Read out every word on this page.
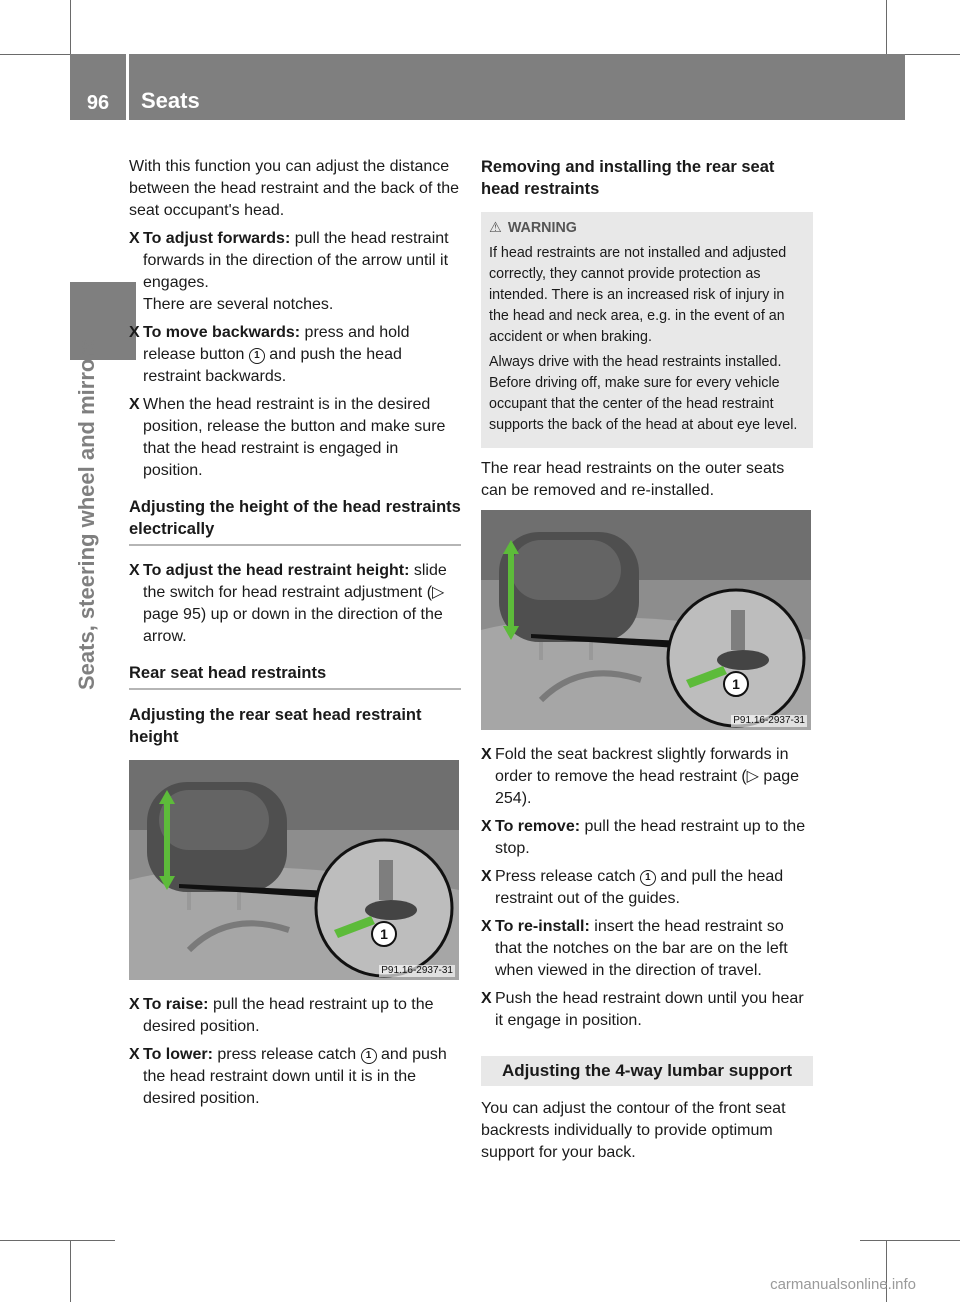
96	Seats
Seats, steering wheel and mirrors

With this function you can adjust the distance between the head restraint and the back of the seat occupant's head.

X To adjust forwards: pull the head restraint forwards in the direction of the arrow until it engages.
There are several notches.
X To move backwards: press and hold release button 1 and push the head restraint backwards.
X When the head restraint is in the desired position, release the button and make sure that the head restraint is engaged in position.
Adjusting the height of the head restraints electrically
X To adjust the head restraint height: slide the switch for head restraint adjustment (▷ page 95) up or down in the direction of the arrow.
Rear seat head restraints
Adjusting the rear seat head restraint height
1
P91.16-2937-31
X To raise: pull the head restraint up to the desired position.
X To lower: press release catch 1 and push the head restraint down until it is in the desired position.
Removing and installing the rear seat head restraints
⚠ WARNING

If head restraints are not installed and adjusted correctly, they cannot provide protection as intended. There is an increased risk of injury in the head and neck area, e.g. in the event of an accident or when braking.

Always drive with the head restraints installed. Before driving off, make sure for every vehicle occupant that the center of the head restraint supports the back of the head at about eye level.

The rear head restraints on the outer seats can be removed and re-installed.

1
P91.16-2937-31
X Fold the seat backrest slightly forwards in order to remove the head restraint (▷ page 254).
X To remove: pull the head restraint up to the stop.
X Press release catch 1 and pull the head restraint out of the guides.
X To re-install: insert the head restraint so that the notches on the bar are on the left when viewed in the direction of travel.
X Push the head restraint down until you hear it engage in position.
Adjusting the 4-way lumbar support

You can adjust the contour of the front seat backrests individually to provide optimum support for your back.

carmanualsonline.info
